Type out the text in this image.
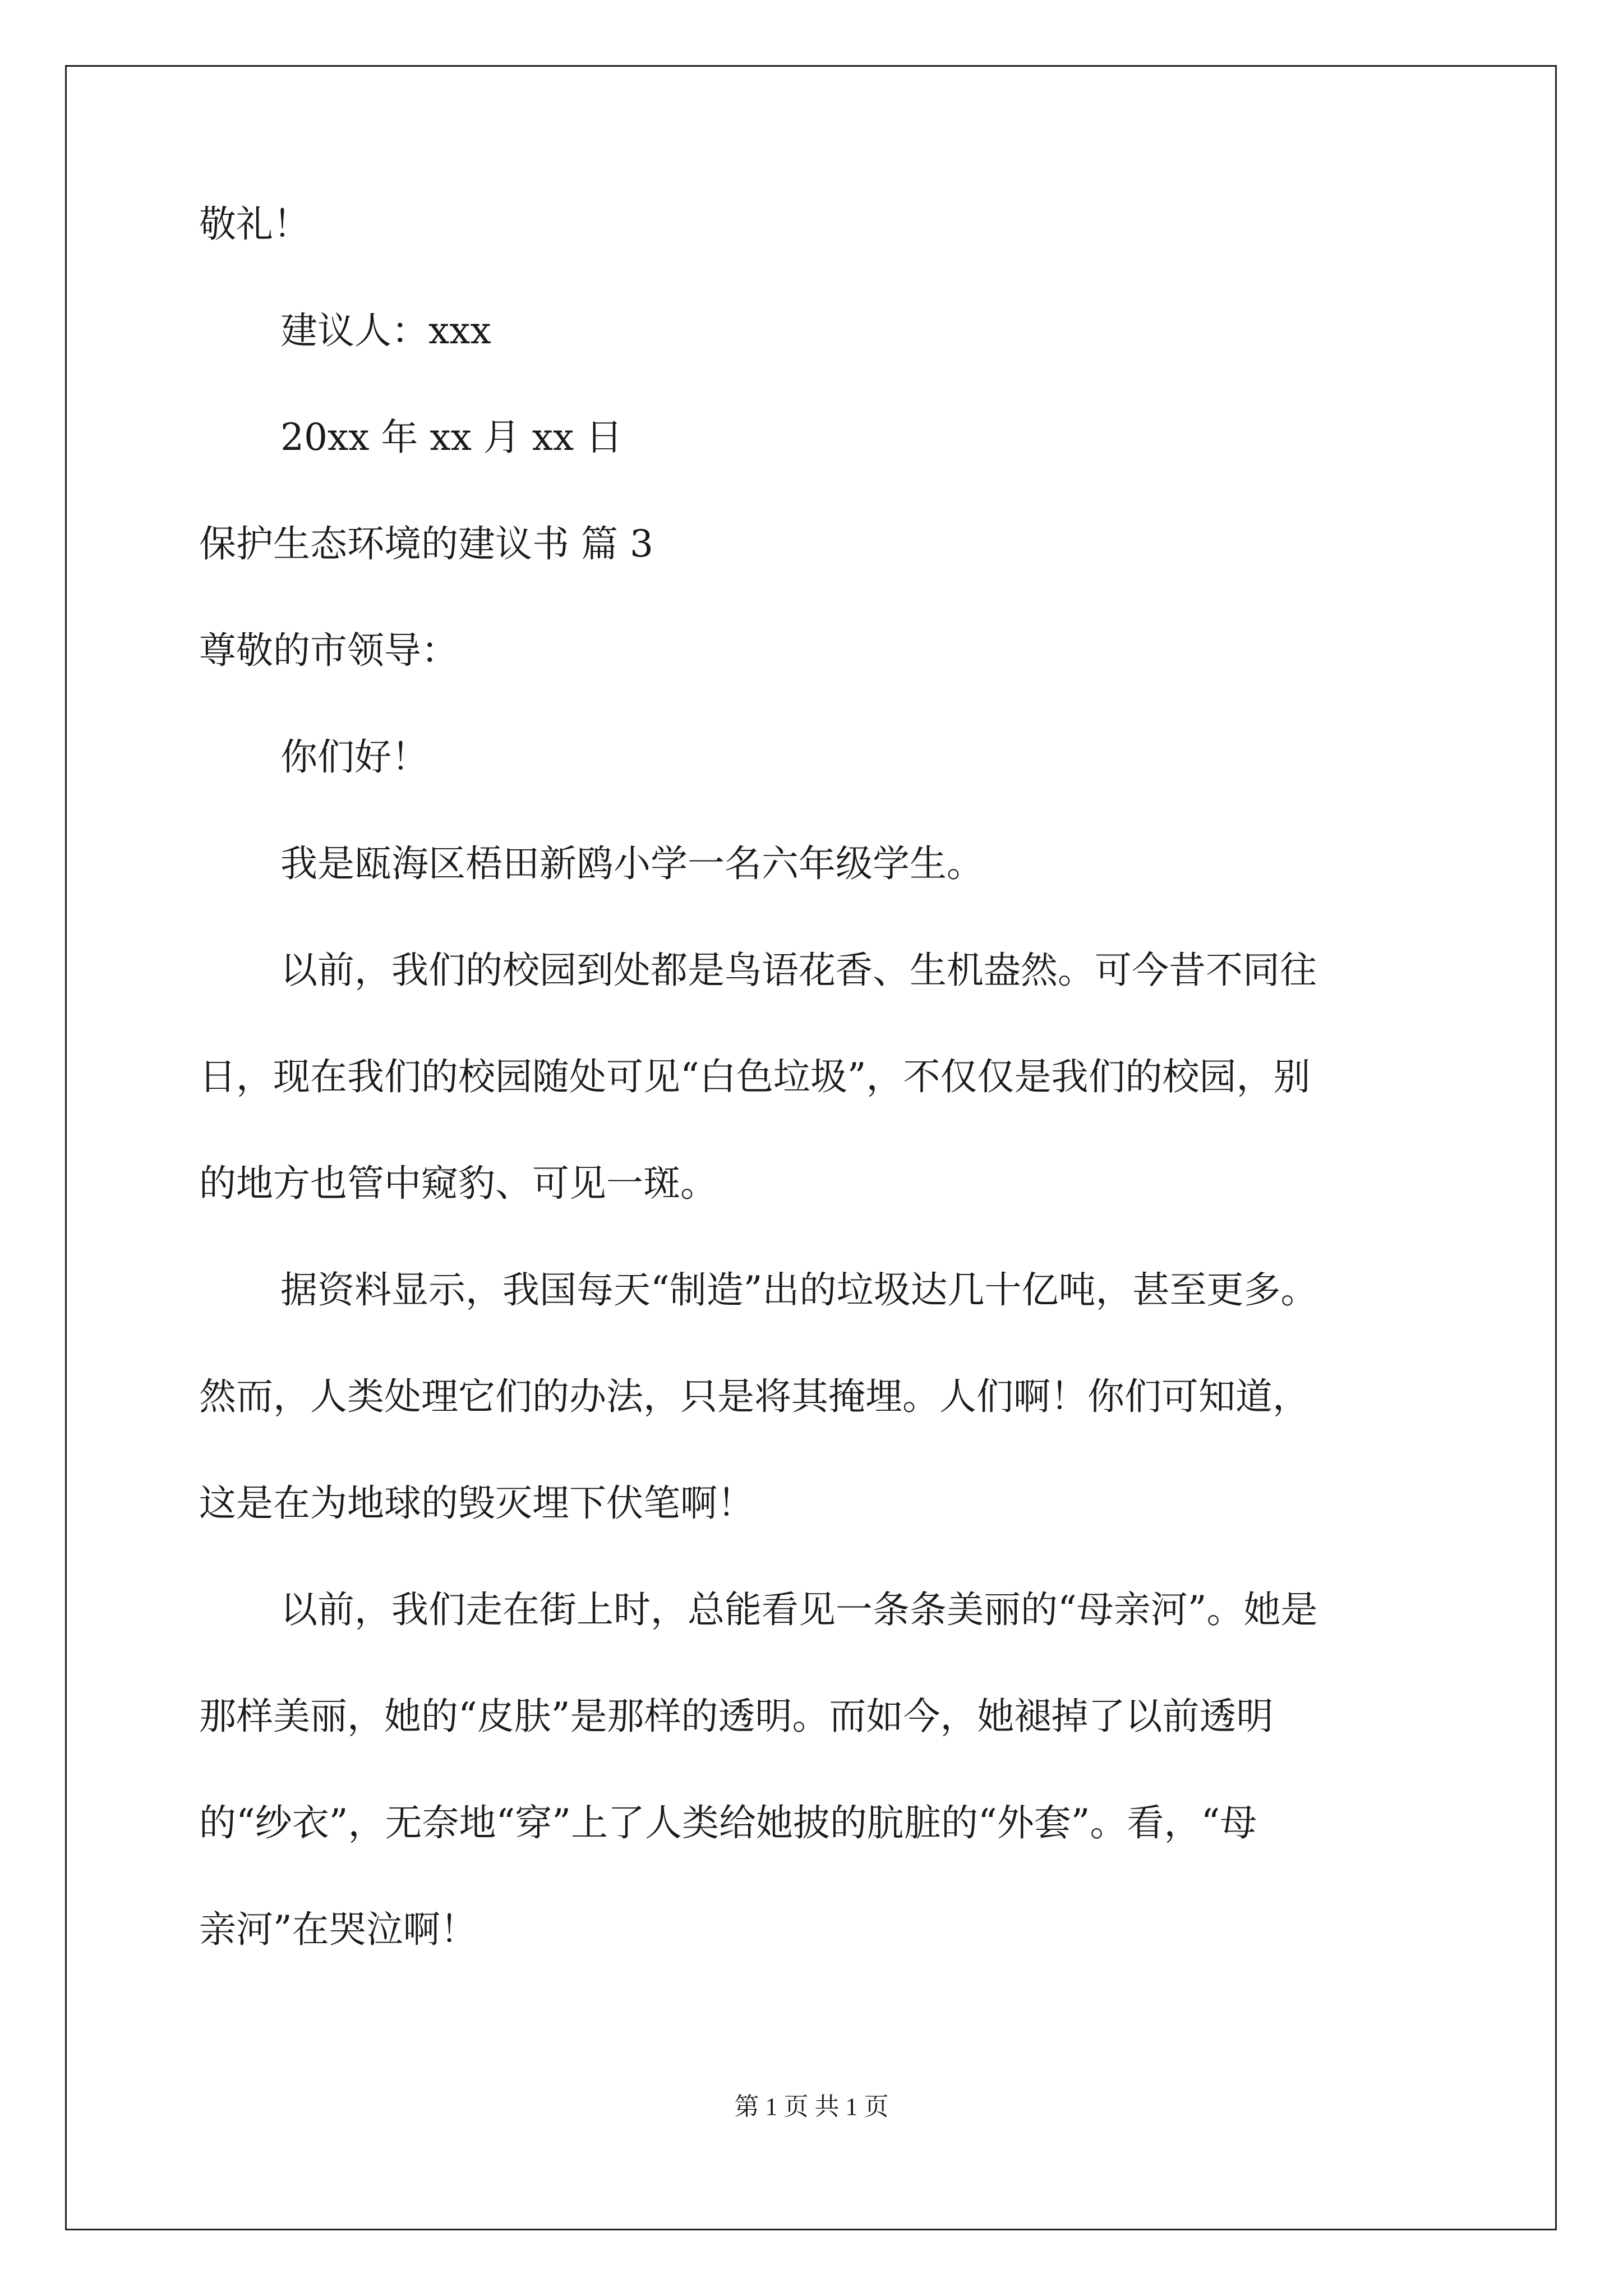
敬礼！
建议人：xxx
20xx 年 xx 月 xx 日
保护生态环境的建议书 篇 3
尊敬的市领导：
你们好！
我是瓯海区梧田新鸥小学一名六年级学生。
以前，我们的校园到处都是鸟语花香、生机盎然。可今昔不同往
日，现在我们的校园随处可见“白色垃圾”，不仅仅是我们的校园，别
的地方也管中窥豹、可见一斑。
据资料显示，我国每天“制造”出的垃圾达几十亿吨，甚至更多。
然而，人类处理它们的办法，只是将其掩埋。人们啊！你们可知道，
这是在为地球的毁灭埋下伏笔啊！
以前，我们走在街上时，总能看见一条条美丽的“母亲河”。她是
那样美丽，她的“皮肤”是那样的透明。而如今，她褪掉了以前透明
的“纱衣”，无奈地“穿”上了人类给她披的肮脏的“外套”。看，“母
亲河”在哭泣啊！
第 1 页 共 1 页
